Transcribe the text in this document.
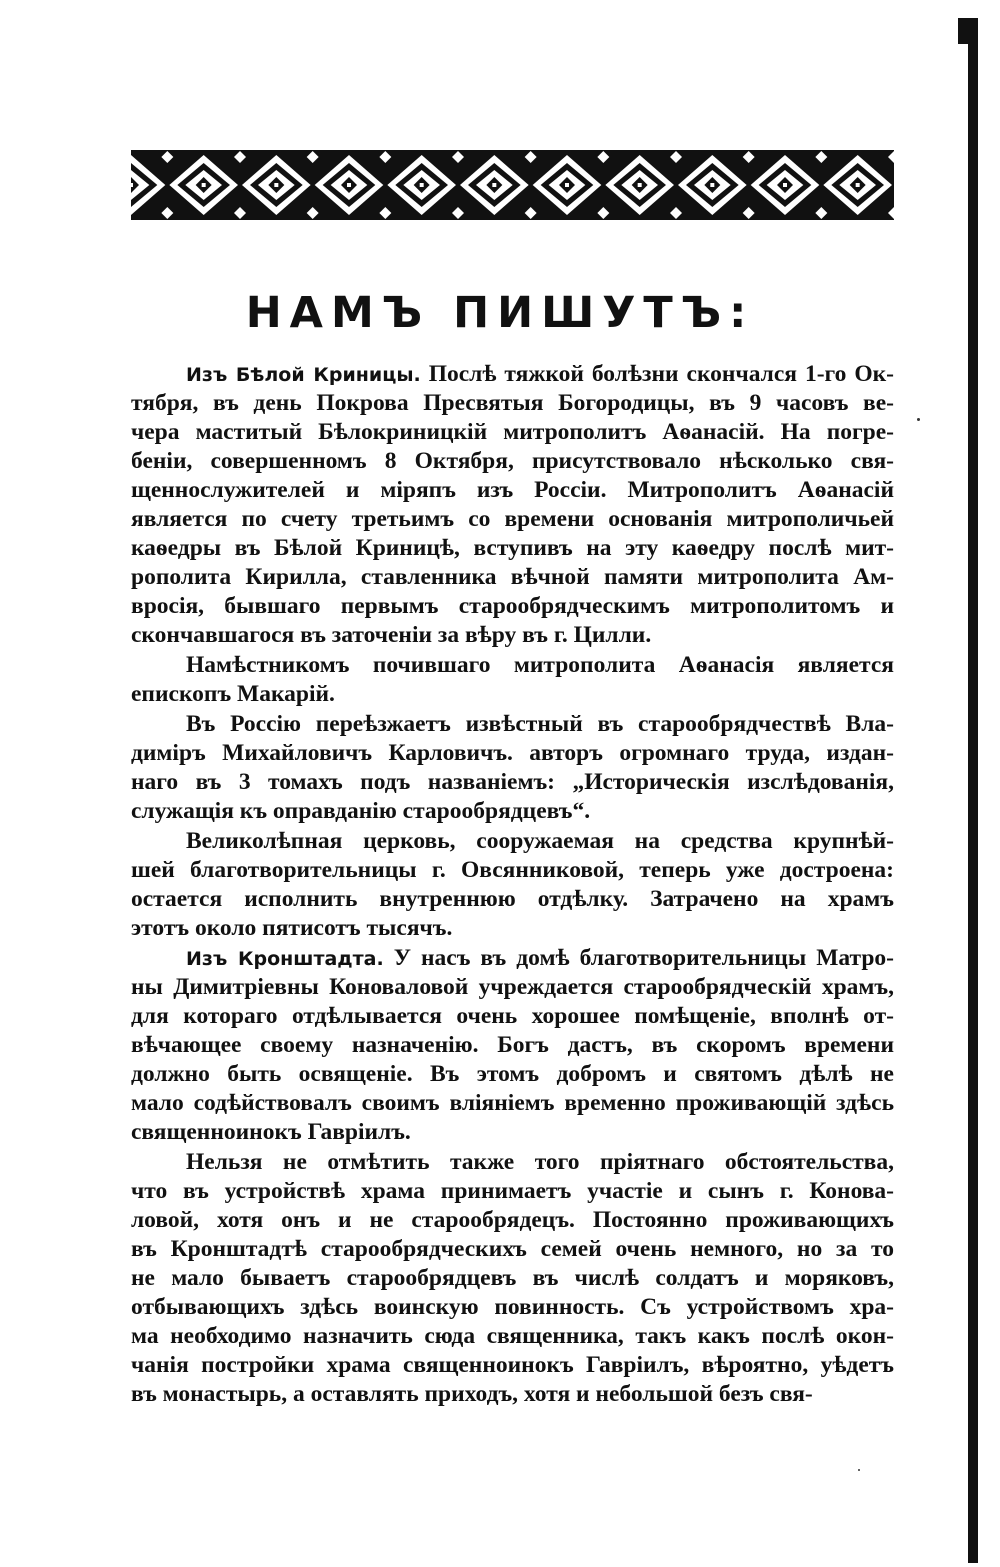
НАМЪ ПИШУТЪ:
Изъ Бѣлой Криницы. Послѣ тяжкой болѣзни скончался 1-го Ок-
тября, въ день Покрова Пресвятыя Богородицы, въ 9 часовъ ве-
чера маститый Бѣлокриницкій митрополитъ Аѳанасій. На погре-
беніи, совершенномъ 8 Октября, присутствовало нѣсколько свя-
щеннослужителей и міряпъ изъ Россіи. Митрополитъ Аѳанасій
является по счету третьимъ со времени основанія митрополичьей
каѳедры въ Бѣлой Криницѣ, вступивъ на эту каѳедру послѣ мит-
рополита Кирилла, ставленника вѣчной памяти митрополита Ам-
вросія, бывшаго первымъ старообрядческимъ митрополитомъ и
скончавшагося въ заточеніи за вѣру въ г. Цилли.
Намѣстникомъ почившаго митрополита Аѳанасія является
епископъ Макарій.
Въ Россію переѣзжаетъ извѣстный въ старообрядчествѣ Вла-
диміръ Михайловичъ Карловичъ. авторъ огромнаго труда, издан-
наго въ 3 томахъ подъ названіемъ: „Историческія изслѣдованія,
служащія къ оправданію старообрядцевъ“.
Великолѣпная церковь, сооружаемая на средства крупнѣй-
шей благотворительницы г. Овсянниковой, теперь уже достроена:
остается исполнить внутреннюю отдѣлку. Затрачено на храмъ
этотъ около пятисотъ тысячъ.
Изъ Кронштадта. У насъ въ домѣ благотворительницы Матро-
ны Димитріевны Коноваловой учреждается старообрядческій храмъ,
для котораго отдѣлывается очень хорошее помѣщеніе, вполнѣ от-
вѣчающее своему назначенію. Богъ дастъ, въ скоромъ времени
должно быть освященіе. Въ этомъ добромъ и святомъ дѣлѣ не
мало содѣйствовалъ своимъ вліяніемъ временно проживающій здѣсь
священноинокъ Гавріилъ.
Нельзя не отмѣтить также того пріятнаго обстоятельства,
что въ устройствѣ храма принимаетъ участіе и сынъ г. Конова-
ловой, хотя онъ и не старообрядецъ. Постоянно проживающихъ
въ Кронштадтѣ старообрядческихъ семей очень немного, но за то
не мало бываетъ старообрядцевъ въ числѣ солдатъ и моряковъ,
отбывающихъ здѣсь воинскую повинность. Съ устройствомъ хра-
ма необходимо назначить сюда священника, такъ какъ послѣ окон-
чанія постройки храма священноинокъ Гавріилъ, вѣроятно, уѣдетъ
въ монастырь, а оставлять приходъ, хотя и небольшой безъ свя-
